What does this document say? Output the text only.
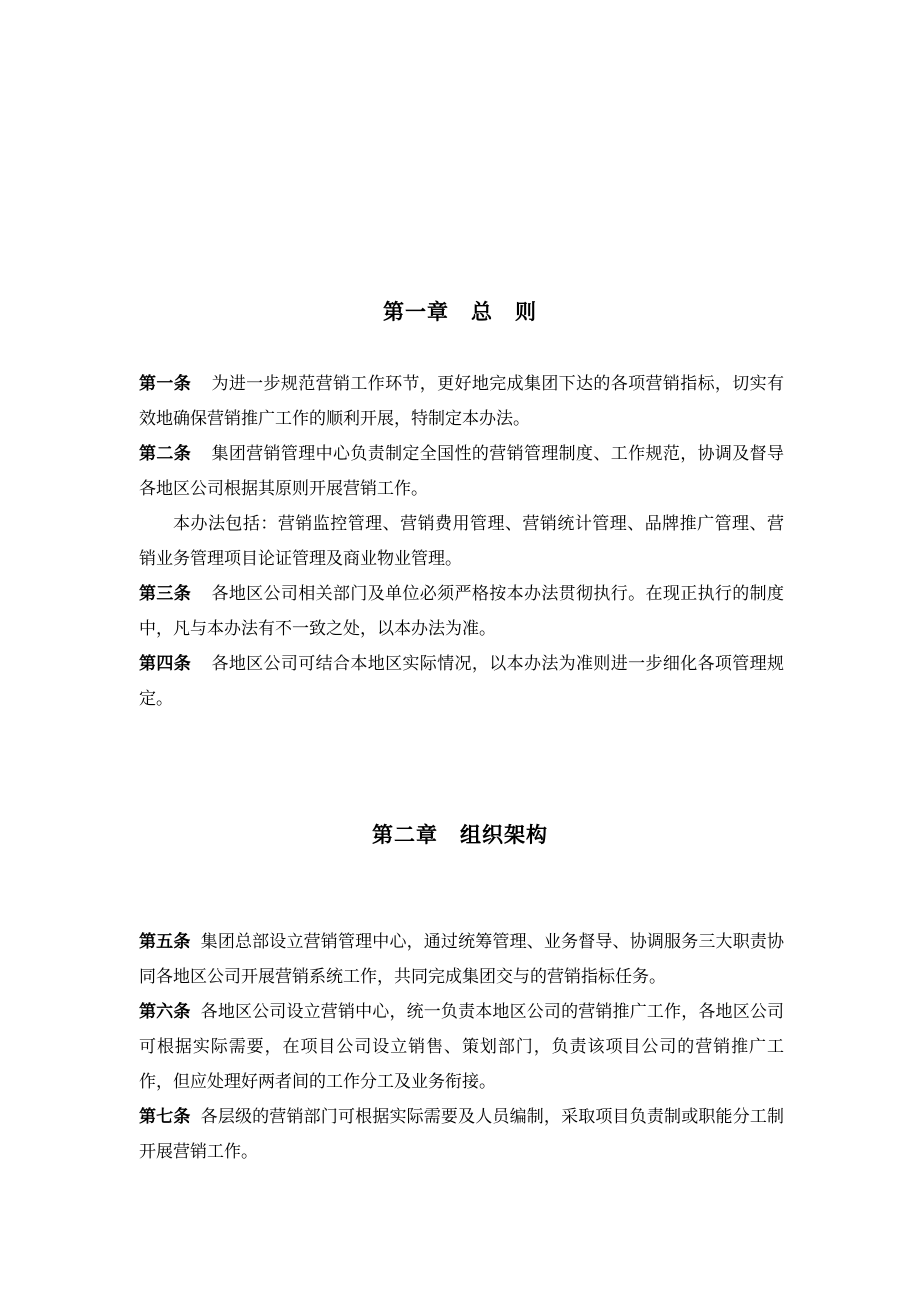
第一章　总　则

第一条 为进一步规范营销工作环节，更好地完成集团下达的各项营销指标，切实有效地确保营销推广工作的顺利开展，特制定本办法。

第二条 集团营销管理中心负责制定全国性的营销管理制度、工作规范，协调及督导各地区公司根据其原则开展营销工作。

本办法包括：营销监控管理、营销费用管理、营销统计管理、品牌推广管理、营销业务管理项目论证管理及商业物业管理。

第三条 各地区公司相关部门及单位必须严格按本办法贯彻执行。在现正执行的制度中，凡与本办法有不一致之处，以本办法为准。

第四条 各地区公司可结合本地区实际情况，以本办法为准则进一步细化各项管理规定。

第二章　组织架构

第五条 集团总部设立营销管理中心，通过统筹管理、业务督导、协调服务三大职责协同各地区公司开展营销系统工作，共同完成集团交与的营销指标任务。

第六条 各地区公司设立营销中心，统一负责本地区公司的营销推广工作，各地区公司可根据实际需要，在项目公司设立销售、策划部门，负责该项目公司的营销推广工作，但应处理好两者间的工作分工及业务衔接。

第七条 各层级的营销部门可根据实际需要及人员编制，采取项目负责制或职能分工制开展营销工作。
